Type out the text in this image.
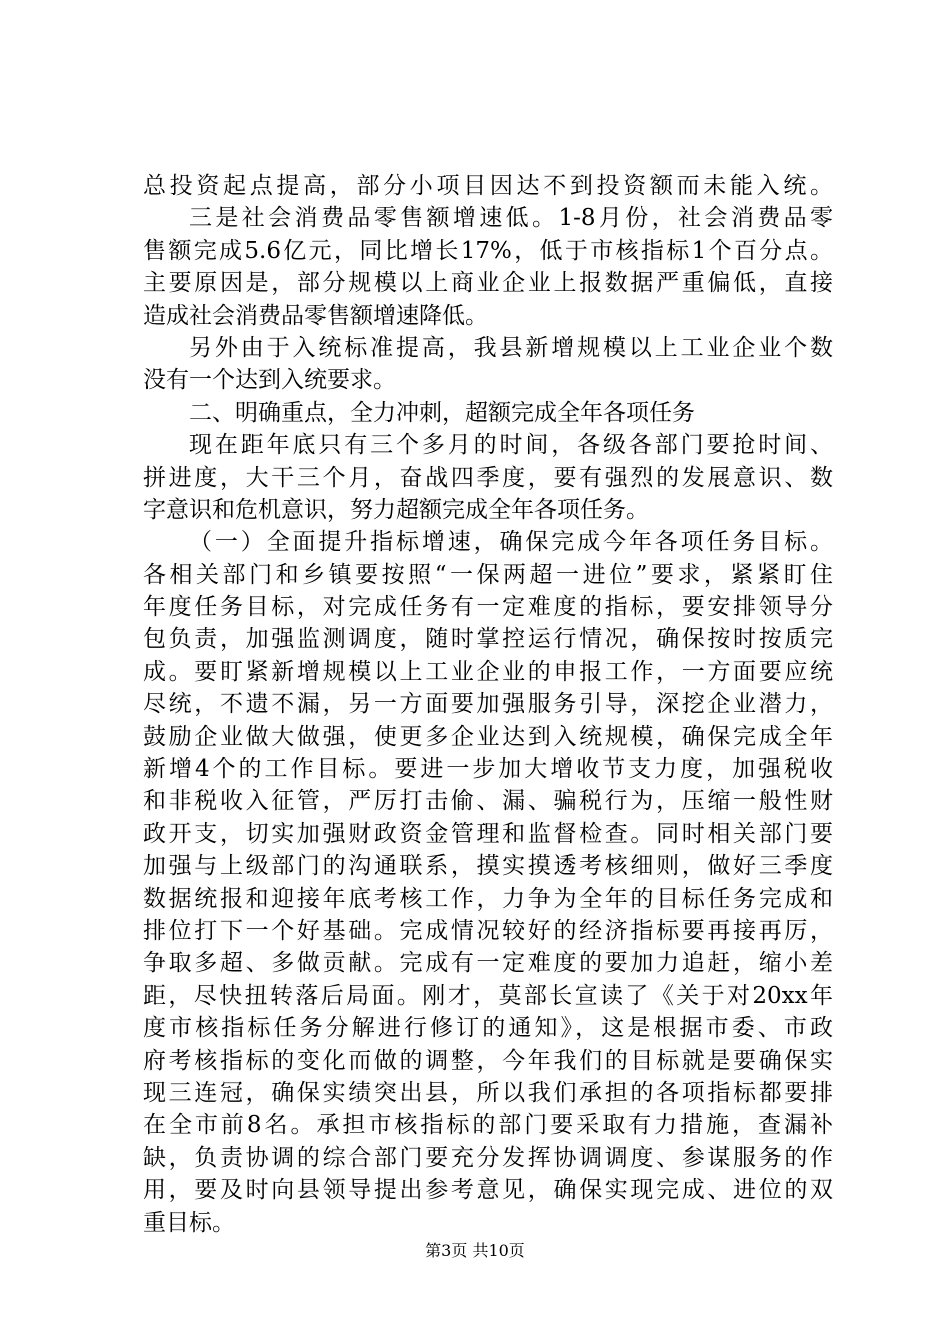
总投资起点提高，部分小项目因达不到投资额而未能入统。
三是社会消费品零售额增速低。1-8月份，社会消费品零
售额完成5.6亿元，同比增长17%，低于市核指标1个百分点。
主要原因是，部分规模以上商业企业上报数据严重偏低，直接
造成社会消费品零售额增速降低。
另外由于入统标准提高，我县新增规模以上工业企业个数
没有一个达到入统要求。
二、明确重点，全力冲刺，超额完成全年各项任务
现在距年底只有三个多月的时间，各级各部门要抢时间、
拼进度，大干三个月，奋战四季度，要有强烈的发展意识、数
字意识和危机意识，努力超额完成全年各项任务。
（一）全面提升指标增速，确保完成今年各项任务目标。
各相关部门和乡镇要按照“一保两超一进位”要求，紧紧盯住
年度任务目标，对完成任务有一定难度的指标，要安排领导分
包负责，加强监测调度，随时掌控运行情况，确保按时按质完
成。要盯紧新增规模以上工业企业的申报工作，一方面要应统
尽统，不遗不漏，另一方面要加强服务引导，深挖企业潜力，
鼓励企业做大做强，使更多企业达到入统规模，确保完成全年
新增4个的工作目标。要进一步加大增收节支力度，加强税收
和非税收入征管，严厉打击偷、漏、骗税行为，压缩一般性财
政开支，切实加强财政资金管理和监督检查。同时相关部门要
加强与上级部门的沟通联系，摸实摸透考核细则，做好三季度
数据统报和迎接年底考核工作，力争为全年的目标任务完成和
排位打下一个好基础。完成情况较好的经济指标要再接再厉，
争取多超、多做贡献。完成有一定难度的要加力追赶，缩小差
距，尽快扭转落后局面。刚才，莫部长宣读了《关于对20xx年
度市核指标任务分解进行修订的通知》，这是根据市委、市政
府考核指标的变化而做的调整，今年我们的目标就是要确保实
现三连冠，确保实绩突出县，所以我们承担的各项指标都要排
在全市前8名。承担市核指标的部门要采取有力措施，查漏补
缺，负责协调的综合部门要充分发挥协调调度、参谋服务的作
用，要及时向县领导提出参考意见，确保实现完成、进位的双
重目标。
第3页 共10页
